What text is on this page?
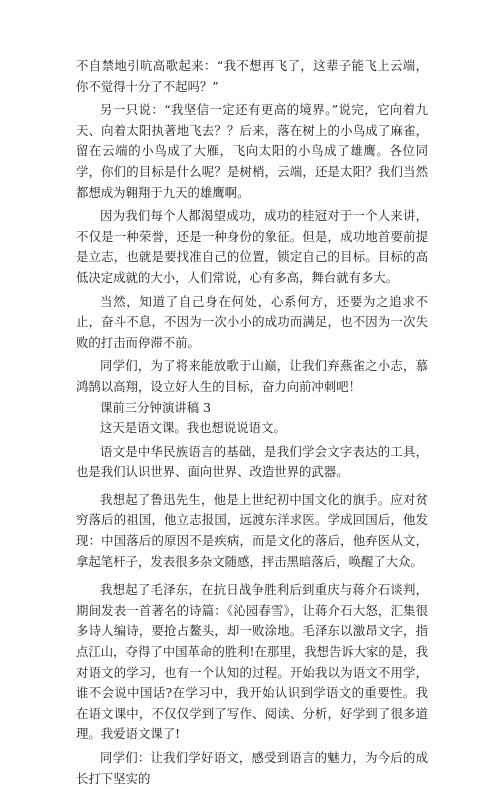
不自禁地引吭高歌起来：“我不想再飞了，这辈子能飞上云端，你不觉得十分了不起吗？”

另一只说：“我坚信一定还有更高的境界。”说完，它向着九天、向着太阳执著地飞去？？后来，落在树上的小鸟成了麻雀，留在云端的小鸟成了大雁，飞向太阳的小鸟成了雄鹰。各位同学，你们的目标是什么呢？是树梢，云端，还是太阳？我们当然都想成为翱翔于九天的雄鹰啊。

因为我们每个人都渴望成功，成功的桂冠对于一个人来讲，不仅是一种荣誉，还是一种身份的象征。但是，成功地首要前提是立志，也就是要找准自己的位置，锁定自己的目标。目标的高低决定成就的大小，人们常说，心有多高，舞台就有多大。

当然，知道了自己身在何处，心系何方，还要为之追求不止，奋斗不息，不因为一次小小的成功而满足，也不因为一次失败的打击而停滞不前。

同学们，为了将来能放歌于山巅，让我们弃燕雀之小志，慕鸿鹄以高翔，设立好人生的目标，奋力向前冲刺吧！

课前三分钟演讲稿 3

这天是语文课。我也想说说语文。

语文是中华民族语言的基础，是我们学会文字表达的工具，也是我们认识世界、面向世界、改造世界的武器。

我想起了鲁迅先生，他是上世纪初中国文化的旗手。应对贫穷落后的祖国，他立志报国，远渡东洋求医。学成回国后，他发现：中国落后的原因不是疾病，而是文化的落后，他弃医从文，拿起笔杆子，发表很多杂文随感，抨击黑暗落后，唤醒了大众。

我想起了毛泽东，在抗日战争胜利后到重庆与蒋介石谈判，期间发表一首著名的诗篇：《沁园春雪》，让蒋介石大怒，汇集很多诗人编诗，要抢占鳌头，却一败涂地。毛泽东以激昂文字，指点江山，夺得了中国革命的胜利!在那里，我想告诉大家的是，我对语文的学习，也有一个认知的过程。开始我以为语文不用学，谁不会说中国话?在学习中，我开始认识到学语文的重要性。我在语文课中，不仅仅学到了写作、阅读、分析，好学到了很多道理。我爱语文课了!

同学们：让我们学好语文，感受到语言的魅力，为今后的成长打下坚实的
